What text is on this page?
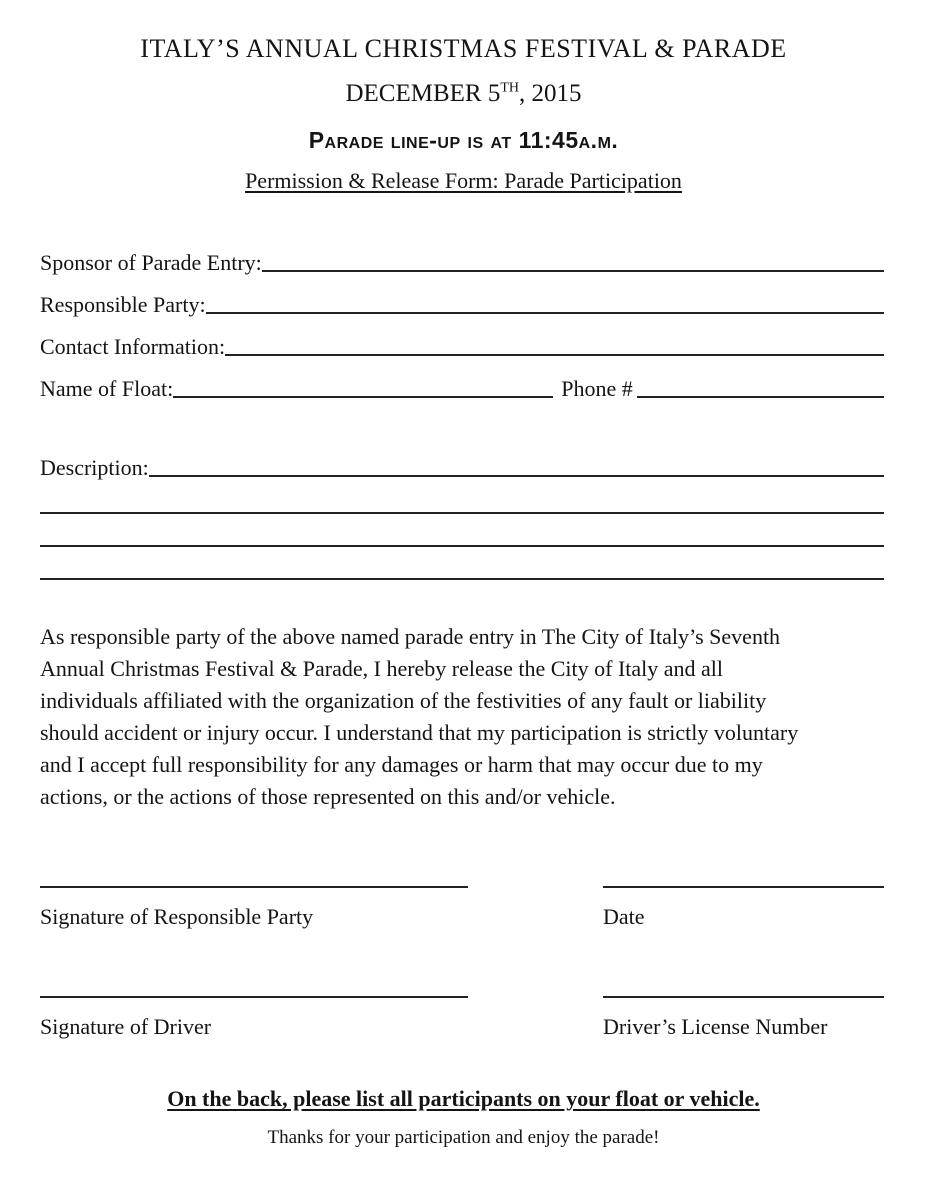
ITALY’S ANNUAL CHRISTMAS FESTIVAL & PARADE
DECEMBER 5TH, 2015
Parade line-up is at 11:45a.m.
Permission & Release Form: Parade Participation
Sponsor of Parade Entry:
Responsible Party:
Contact Information:
Name of Float:	Phone #
Description:
As responsible party of the above named parade entry in The City of Italy’s Seventh
Annual Christmas Festival & Parade, I hereby release the City of Italy and all
individuals affiliated with the organization of the festivities of any fault or liability
should accident or injury occur. I understand that my participation is strictly voluntary
and I accept full responsibility for any damages or harm that may occur due to my
actions, or the actions of those represented on this and/or vehicle.
Signature of Responsible Party	Date
Signature of Driver	Driver’s License Number
On the back, please list all participants on your float or vehicle.
Thanks for your participation and enjoy the parade!
